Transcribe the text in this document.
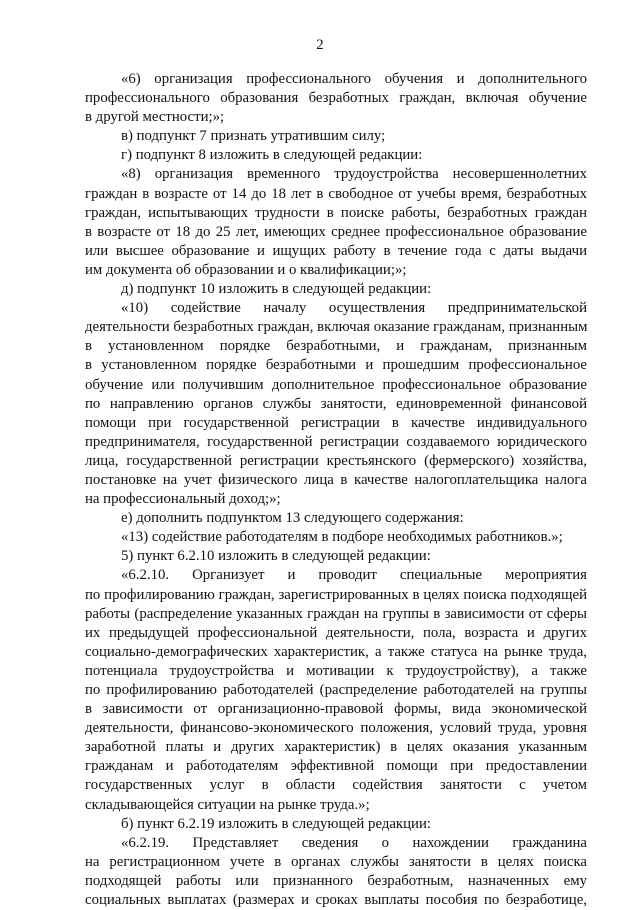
2
«6) организация профессионального обучения и дополнительного
профессионального образования безработных граждан, включая обучение
в другой местности;»;
в) подпункт 7 признать утратившим силу;
г) подпункт 8 изложить в следующей редакции:
«8) организация временного трудоустройства несовершеннолетних
граждан в возрасте от 14 до 18 лет в свободное от учебы время, безработных
граждан, испытывающих трудности в поиске работы, безработных граждан
в возрасте от 18 до 25 лет, имеющих среднее профессиональное образование
или высшее образование и ищущих работу в течение года с даты выдачи
им документа об образовании и о квалификации;»;
д) подпункт 10 изложить в следующей редакции:
«10) содействие началу осуществления предпринимательской
деятельности безработных граждан, включая оказание гражданам, признанным
в установленном порядке безработными, и гражданам, признанным
в установленном порядке безработными и прошедшим профессиональное
обучение или получившим дополнительное профессиональное образование
по направлению органов службы занятости, единовременной финансовой
помощи при государственной регистрации в качестве индивидуального
предпринимателя, государственной регистрации создаваемого юридического
лица, государственной регистрации крестьянского (фермерского) хозяйства,
постановке на учет физического лица в качестве налогоплательщика налога
на профессиональный доход;»;
е) дополнить подпунктом 13 следующего содержания:
«13) содействие работодателям в подборе необходимых работников.»;
5) пункт 6.2.10 изложить в следующей редакции:
«6.2.10. Организует и проводит специальные мероприятия
по профилированию граждан, зарегистрированных в целях поиска подходящей
работы (распределение указанных граждан на группы в зависимости от сферы
их предыдущей профессиональной деятельности, пола, возраста и других
социально-демографических характеристик, а также статуса на рынке труда,
потенциала трудоустройства и мотивации к трудоустройству), а также
по профилированию работодателей (распределение работодателей на группы
в зависимости от организационно-правовой формы, вида экономической
деятельности, финансово-экономического положения, условий труда, уровня
заработной платы и других характеристик) в целях оказания указанным
гражданам и работодателям эффективной помощи при предоставлении
государственных услуг в области содействия занятости с учетом
складывающейся ситуации на рынке труда.»;
б) пункт 6.2.19 изложить в следующей редакции:
«6.2.19. Представляет сведения о нахождении гражданина
на регистрационном учете в органах службы занятости в целях поиска
подходящей работы или признанного безработным, назначенных ему
социальных выплатах (размерах и сроках выплаты пособия по безработице,
